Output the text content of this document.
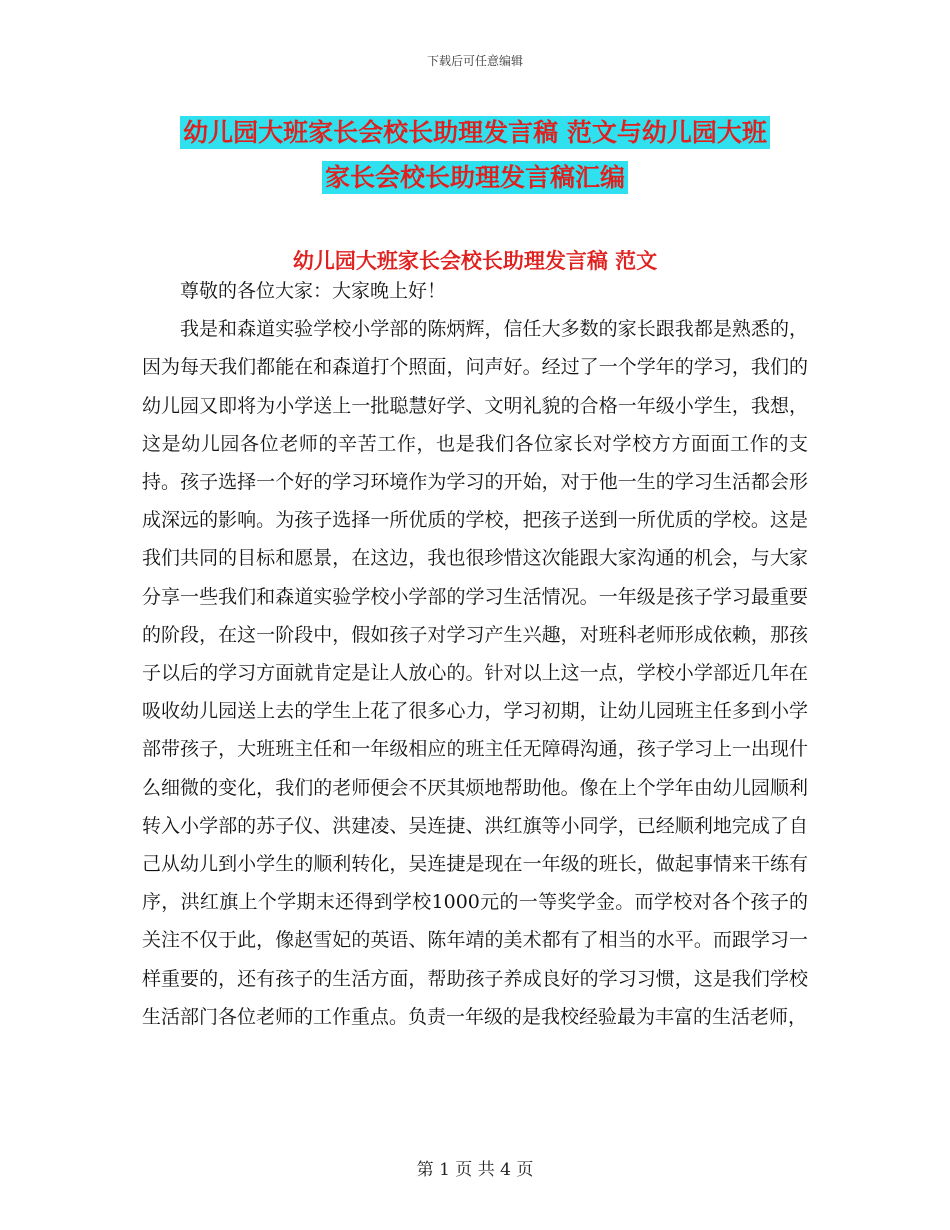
下载后可任意编辑
幼儿园大班家长会校长助理发言稿 范文与幼儿园大班
家长会校长助理发言稿汇编
幼儿园大班家长会校长助理发言稿 范文

尊敬的各位大家：大家晚上好！

我是和森道实验学校小学部的陈炳辉，信任大多数的家长跟我都是熟悉的，因为每天我们都能在和森道打个照面，问声好。经过了一个学年的学习，我们的幼儿园又即将为小学送上一批聪慧好学、文明礼貌的合格一年级小学生，我想，这是幼儿园各位老师的辛苦工作，也是我们各位家长对学校方方面面工作的支持。孩子选择一个好的学习环境作为学习的开始，对于他一生的学习生活都会形成深远的影响。为孩子选择一所优质的学校，把孩子送到一所优质的学校。这是我们共同的目标和愿景，在这边，我也很珍惜这次能跟大家沟通的机会，与大家分享一些我们和森道实验学校小学部的学习生活情况。一年级是孩子学习最重要的阶段，在这一阶段中，假如孩子对学习产生兴趣，对班科老师形成依赖，那孩子以后的学习方面就肯定是让人放心的。针对以上这一点，学校小学部近几年在吸收幼儿园送上去的学生上花了很多心力，学习初期，让幼儿园班主任多到小学部带孩子，大班班主任和一年级相应的班主任无障碍沟通，孩子学习上一出现什么细微的变化，我们的老师便会不厌其烦地帮助他。像在上个学年由幼儿园顺利转入小学部的苏子仪、洪建凌、吴连捷、洪红旗等小同学，已经顺利地完成了自己从幼儿到小学生的顺利转化，吴连捷是现在一年级的班长，做起事情来干练有序，洪红旗上个学期末还得到学校1000元的一等奖学金。而学校对各个孩子的关注不仅于此，像赵雪妃的英语、陈年靖的美术都有了相当的水平。而跟学习一样重要的，还有孩子的生活方面，帮助孩子养成良好的学习习惯，这是我们学校生活部门各位老师的工作重点。负责一年级的是我校经验最为丰富的生活老师，

第 1 页 共 4 页
